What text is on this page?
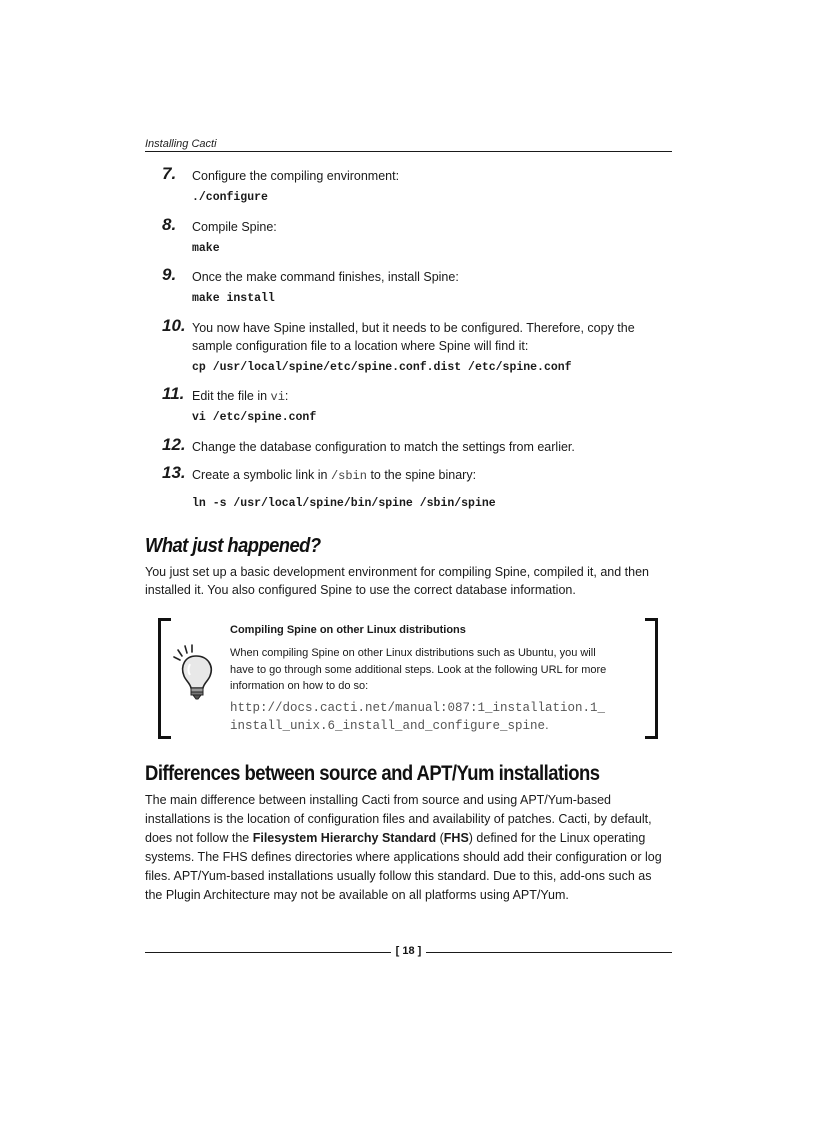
Installing Cacti
7. Configure the compiling environment:
./configure
8. Compile Spine:
make
9. Once the make command finishes, install Spine:
make install
10. You now have Spine installed, but it needs to be configured. Therefore, copy the
sample configuration file to a location where Spine will find it:
cp /usr/local/spine/etc/spine.conf.dist /etc/spine.conf
11. Edit the file in vi:
vi /etc/spine.conf
12. Change the database configuration to match the settings from earlier.
13. Create a symbolic link in /sbin to the spine binary:
ln -s /usr/local/spine/bin/spine /sbin/spine
What just happened?
You just set up a basic development environment for compiling Spine, compiled it, and then
installed it. You also configured Spine to use the correct database information.
Compiling Spine on other Linux distributions
When compiling Spine on other Linux distributions such as Ubuntu, you will
have to go through some additional steps. Look at the following URL for more
information on how to do so:
http://docs.cacti.net/manual:087:1_installation.1_
install_unix.6_install_and_configure_spine.
Differences between source and APT/Yum installations
The main difference between installing Cacti from source and using APT/Yum-based
installations is the location of configuration files and availability of patches. Cacti, by default,
does not follow the Filesystem Hierarchy Standard (FHS) defined for the Linux operating
systems. The FHS defines directories where applications should add their configuration or log
files. APT/Yum-based installations usually follow this standard. Due to this, add-ons such as
the Plugin Architecture may not be available on all platforms using APT/Yum.
[ 18 ]
